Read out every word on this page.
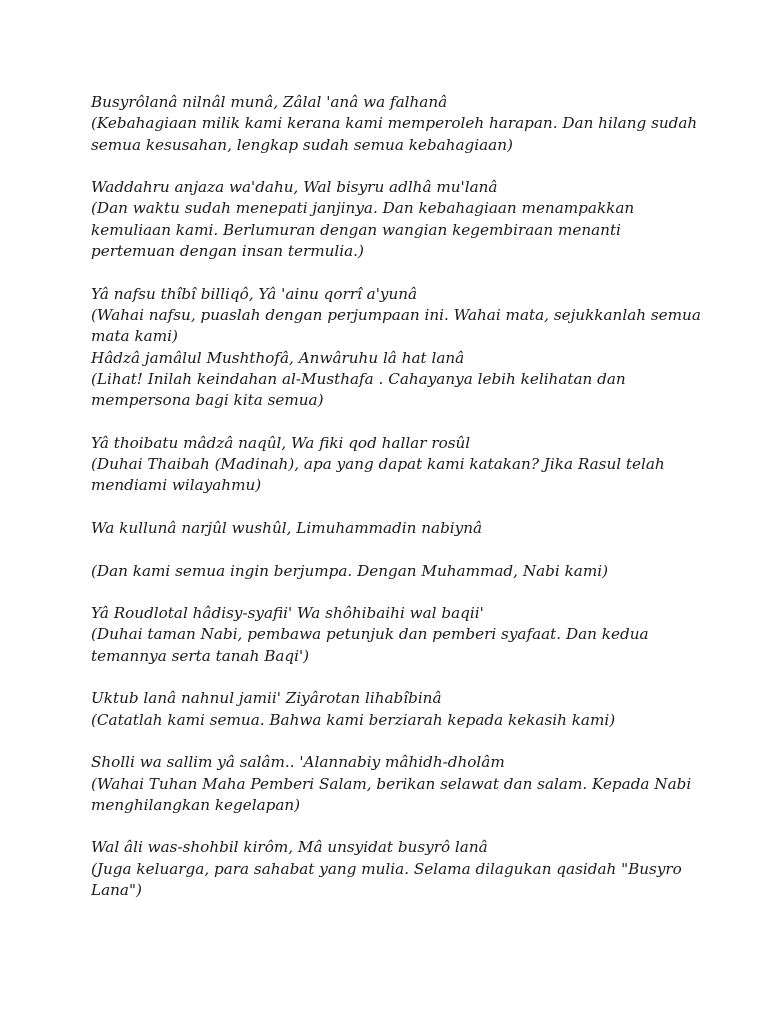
Busyrôlanâ nilnâl munâ, Zâlal 'anâ wa falhanâ
(Kebahagiaan milik kami kerana kami memperoleh harapan. Dan hilang sudah
semua kesusahan, lengkap sudah semua kebahagiaan)
Waddahru anjaza wa'dahu, Wal bisyru adlhâ mu'lanâ
(Dan waktu sudah menepati janjinya. Dan kebahagiaan menampakkan
kemuliaan kami. Berlumuran dengan wangian kegembiraan menanti
pertemuan dengan insan termulia.)
Yâ nafsu thîbî billiqô, Yâ 'ainu qorrî a'yunâ
(Wahai nafsu, puaslah dengan perjumpaan ini. Wahai mata, sejukkanlah semua
mata kami)
Hâdzâ jamâlul Mushthofâ, Anwâruhu lâ hat lanâ
(Lihat! Inilah keindahan al-Musthafa . Cahayanya lebih kelihatan dan
mempersona bagi kita semua)
Yâ thoibatu mâdzâ naqûl, Wa fiki qod hallar rosûl
(Duhai Thaibah (Madinah), apa yang dapat kami katakan? Jika Rasul telah
mendiami wilayahmu)
Wa kullunâ narjûl wushûl, Limuhammadin nabiynâ
(Dan kami semua ingin berjumpa. Dengan Muhammad, Nabi kami)
Yâ Roudlotal hâdisy-syafii' Wa shôhibaihi wal baqii'
(Duhai taman Nabi, pembawa petunjuk dan pemberi syafaat. Dan kedua
temannya serta tanah Baqi')
Uktub lanâ nahnul jamii' Ziyârotan lihabîbinâ
(Catatlah kami semua. Bahwa kami berziarah kepada kekasih kami)
Sholli wa sallim yâ salâm.. 'Alannabiy mâhidh-dholâm
(Wahai Tuhan Maha Pemberi Salam, berikan selawat dan salam. Kepada Nabi
menghilangkan kegelapan)
Wal âli was-shohbil kirôm, Mâ unsyidat busyrô lanâ
(Juga keluarga, para sahabat yang mulia. Selama dilagukan qasidah "Busyro
Lana")
